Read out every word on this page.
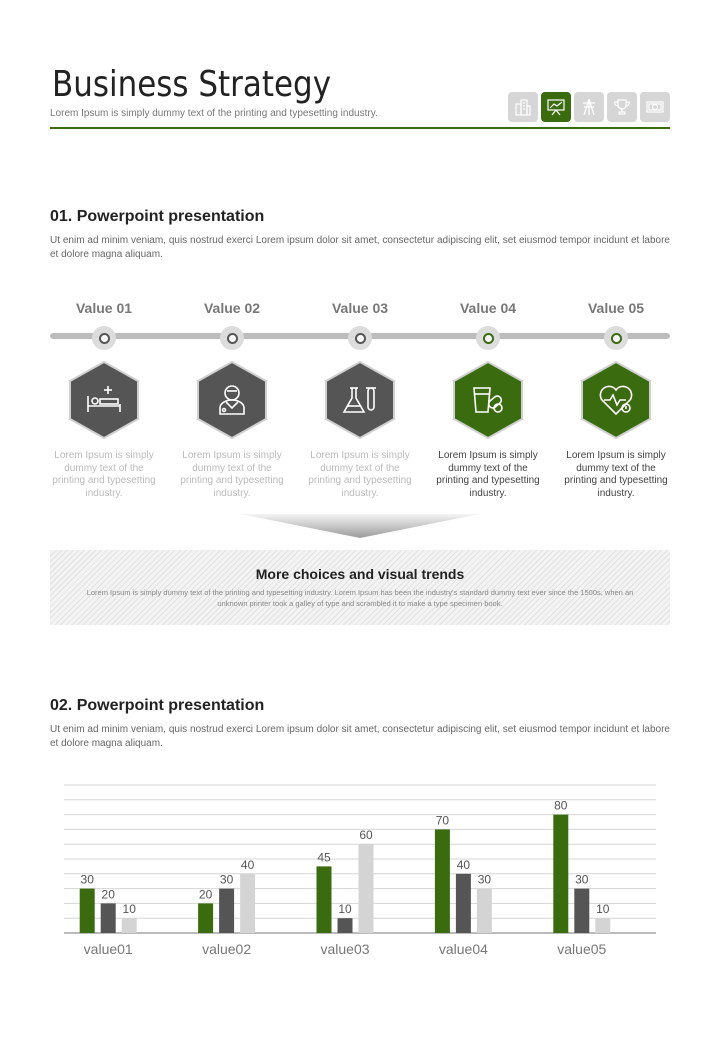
Business Strategy
Lorem Ipsum is simply dummy text of the printing and typesetting industry.
01. Powerpoint presentation
Ut enim ad minim veniam, quis nostrud exerci Lorem ipsum dolor sit amet, consectetur adipiscing elit, set eiusmod tempor incidunt et labore et dolore magna aliquam.
Value 01
Lorem Ipsum is simply dummy text of the printing and typesetting industry.
Value 02
Lorem Ipsum is simply dummy text of the printing and typesetting industry.
Value 03
Lorem Ipsum is simply dummy text of the printing and typesetting industry.
Value 04
Lorem Ipsum is simply dummy text of the printing and typesetting industry.
Value 05
Lorem Ipsum is simply dummy text of the printing and typesetting industry.
More choices and visual trends
Lorem Ipsum is simply dummy text of the printing and typesetting industry. Lorem Ipsum has been the industry's standard dummy text ever since the 1500s, when an unknown printer took a galley of type and scrambled it to make a type specimen book.
02. Powerpoint presentation
Ut enim ad minim veniam, quis nostrud exerci Lorem ipsum dolor sit amet, consectetur adipiscing elit, set eiusmod tempor incidunt et labore et dolore magna aliquam.
30
20
10
value01
20
30
40
value02
45
10
60
value03
70
40
30
value04
80
30
10
value05
